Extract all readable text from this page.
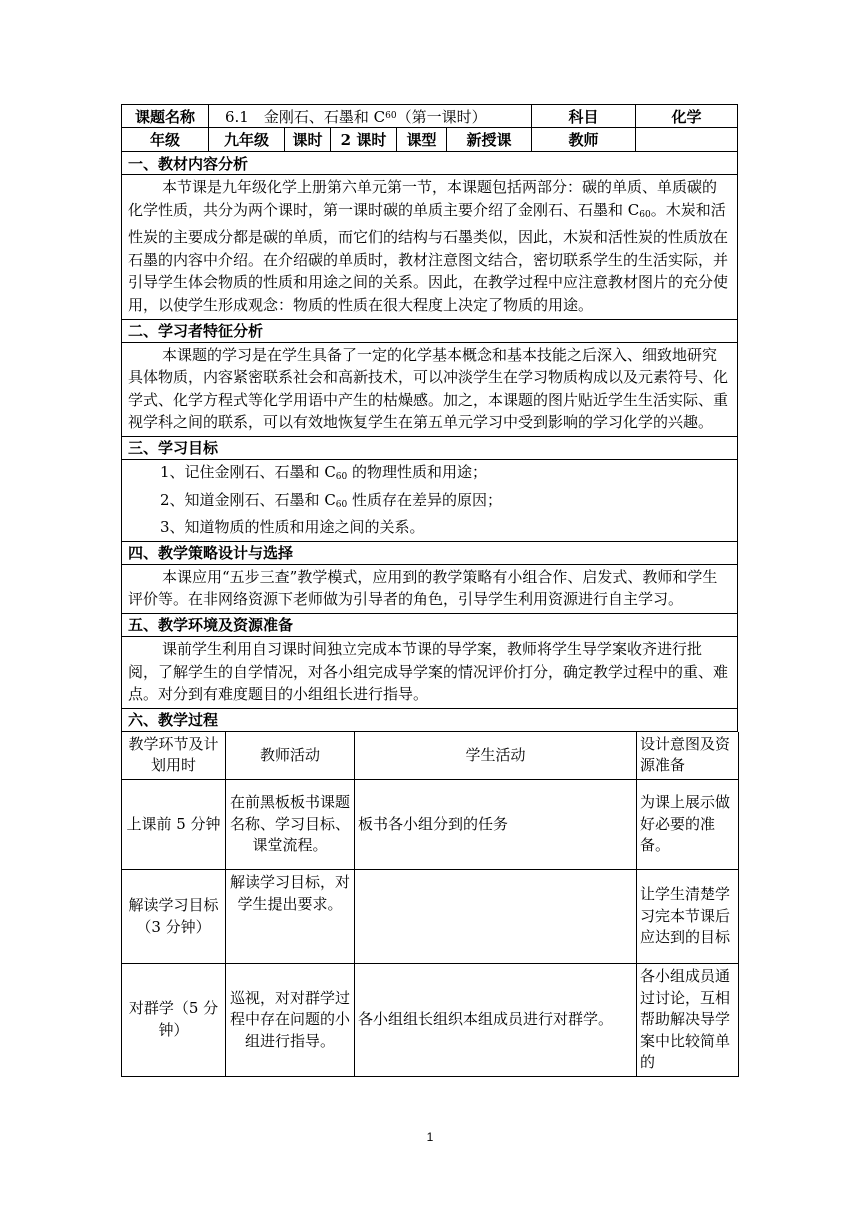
课题名称	6.1　金刚石、石墨和 C 60 （第一课时）	科目	化学
年级	九年级	课时	2 课时	课型	新授课	教师
一、教材内容分析
本节课是九年级化学上册第六单元第一节，本课题包括两部分：碳的单质、单质碳的化学性质，共分为两个课时，第一课时碳的单质主要介绍了金刚石、石墨和 $C_{60}$。木炭和活性炭的主要成分都是碳的单质，而它们的结构与石墨类似，因此，木炭和活性炭的性质放在石墨的内容中介绍。在介绍碳的单质时，教材注意图文结合，密切联系学生的生活实际，并引导学生体会物质的性质和用途之间的关系。因此，在教学过程中应注意教材图片的充分使用，以使学生形成观念：物质的性质在很大程度上决定了物质的用途。
二、学习者特征分析
本课题的学习是在学生具备了一定的化学基本概念和基本技能之后深入、细致地研究具体物质，内容紧密联系社会和高新技术，可以冲淡学生在学习物质构成以及元素符号、化学式、化学方程式等化学用语中产生的枯燥感。加之，本课题的图片贴近学生生活实际、重视学科之间的联系，可以有效地恢复学生在第五单元学习中受到影响的学习化学的兴趣。
三、学习目标
1、记住金刚石、石墨和 $C_{60}$ 的物理性质和用途；
2、知道金刚石、石墨和 $C_{60}$ 性质存在差异的原因；
3、知道物质的性质和用途之间的关系。
四、教学策略设计与选择
本课应用“五步三查”教学模式，应用到的教学策略有小组合作、启发式、教师和学生评价等。在非网络资源下老师做为引导者的角色，引导学生利用资源进行自主学习。
五、教学环境及资源准备
课前学生利用自习课时间独立完成本节课的导学案，教师将学生导学案收齐进行批阅，了解学生的自学情况，对各小组完成导学案的情况评价打分，确定教学过程中的重、难点。对分到有难度题目的小组组长进行指导。
六、教学过程
教学环节及计划用时	教师活动	学生活动	设计意图及资源准备
上课前 5 分钟	在前黑板板书课题名称、学习目标、课堂流程。	板书各小组分到的任务	为课上展示做好必要的准备。
解读学习目标（3 分钟）	解读学习目标，对学生提出要求。		让学生清楚学习完本节课后应达到的目标
对群学（5 分钟）	巡视，对对群学过程中存在问题的小组进行指导。	各小组组长组织本组成员进行对群学。	各小组成员通过讨论，互相帮助解决导学案中比较简单的
1
